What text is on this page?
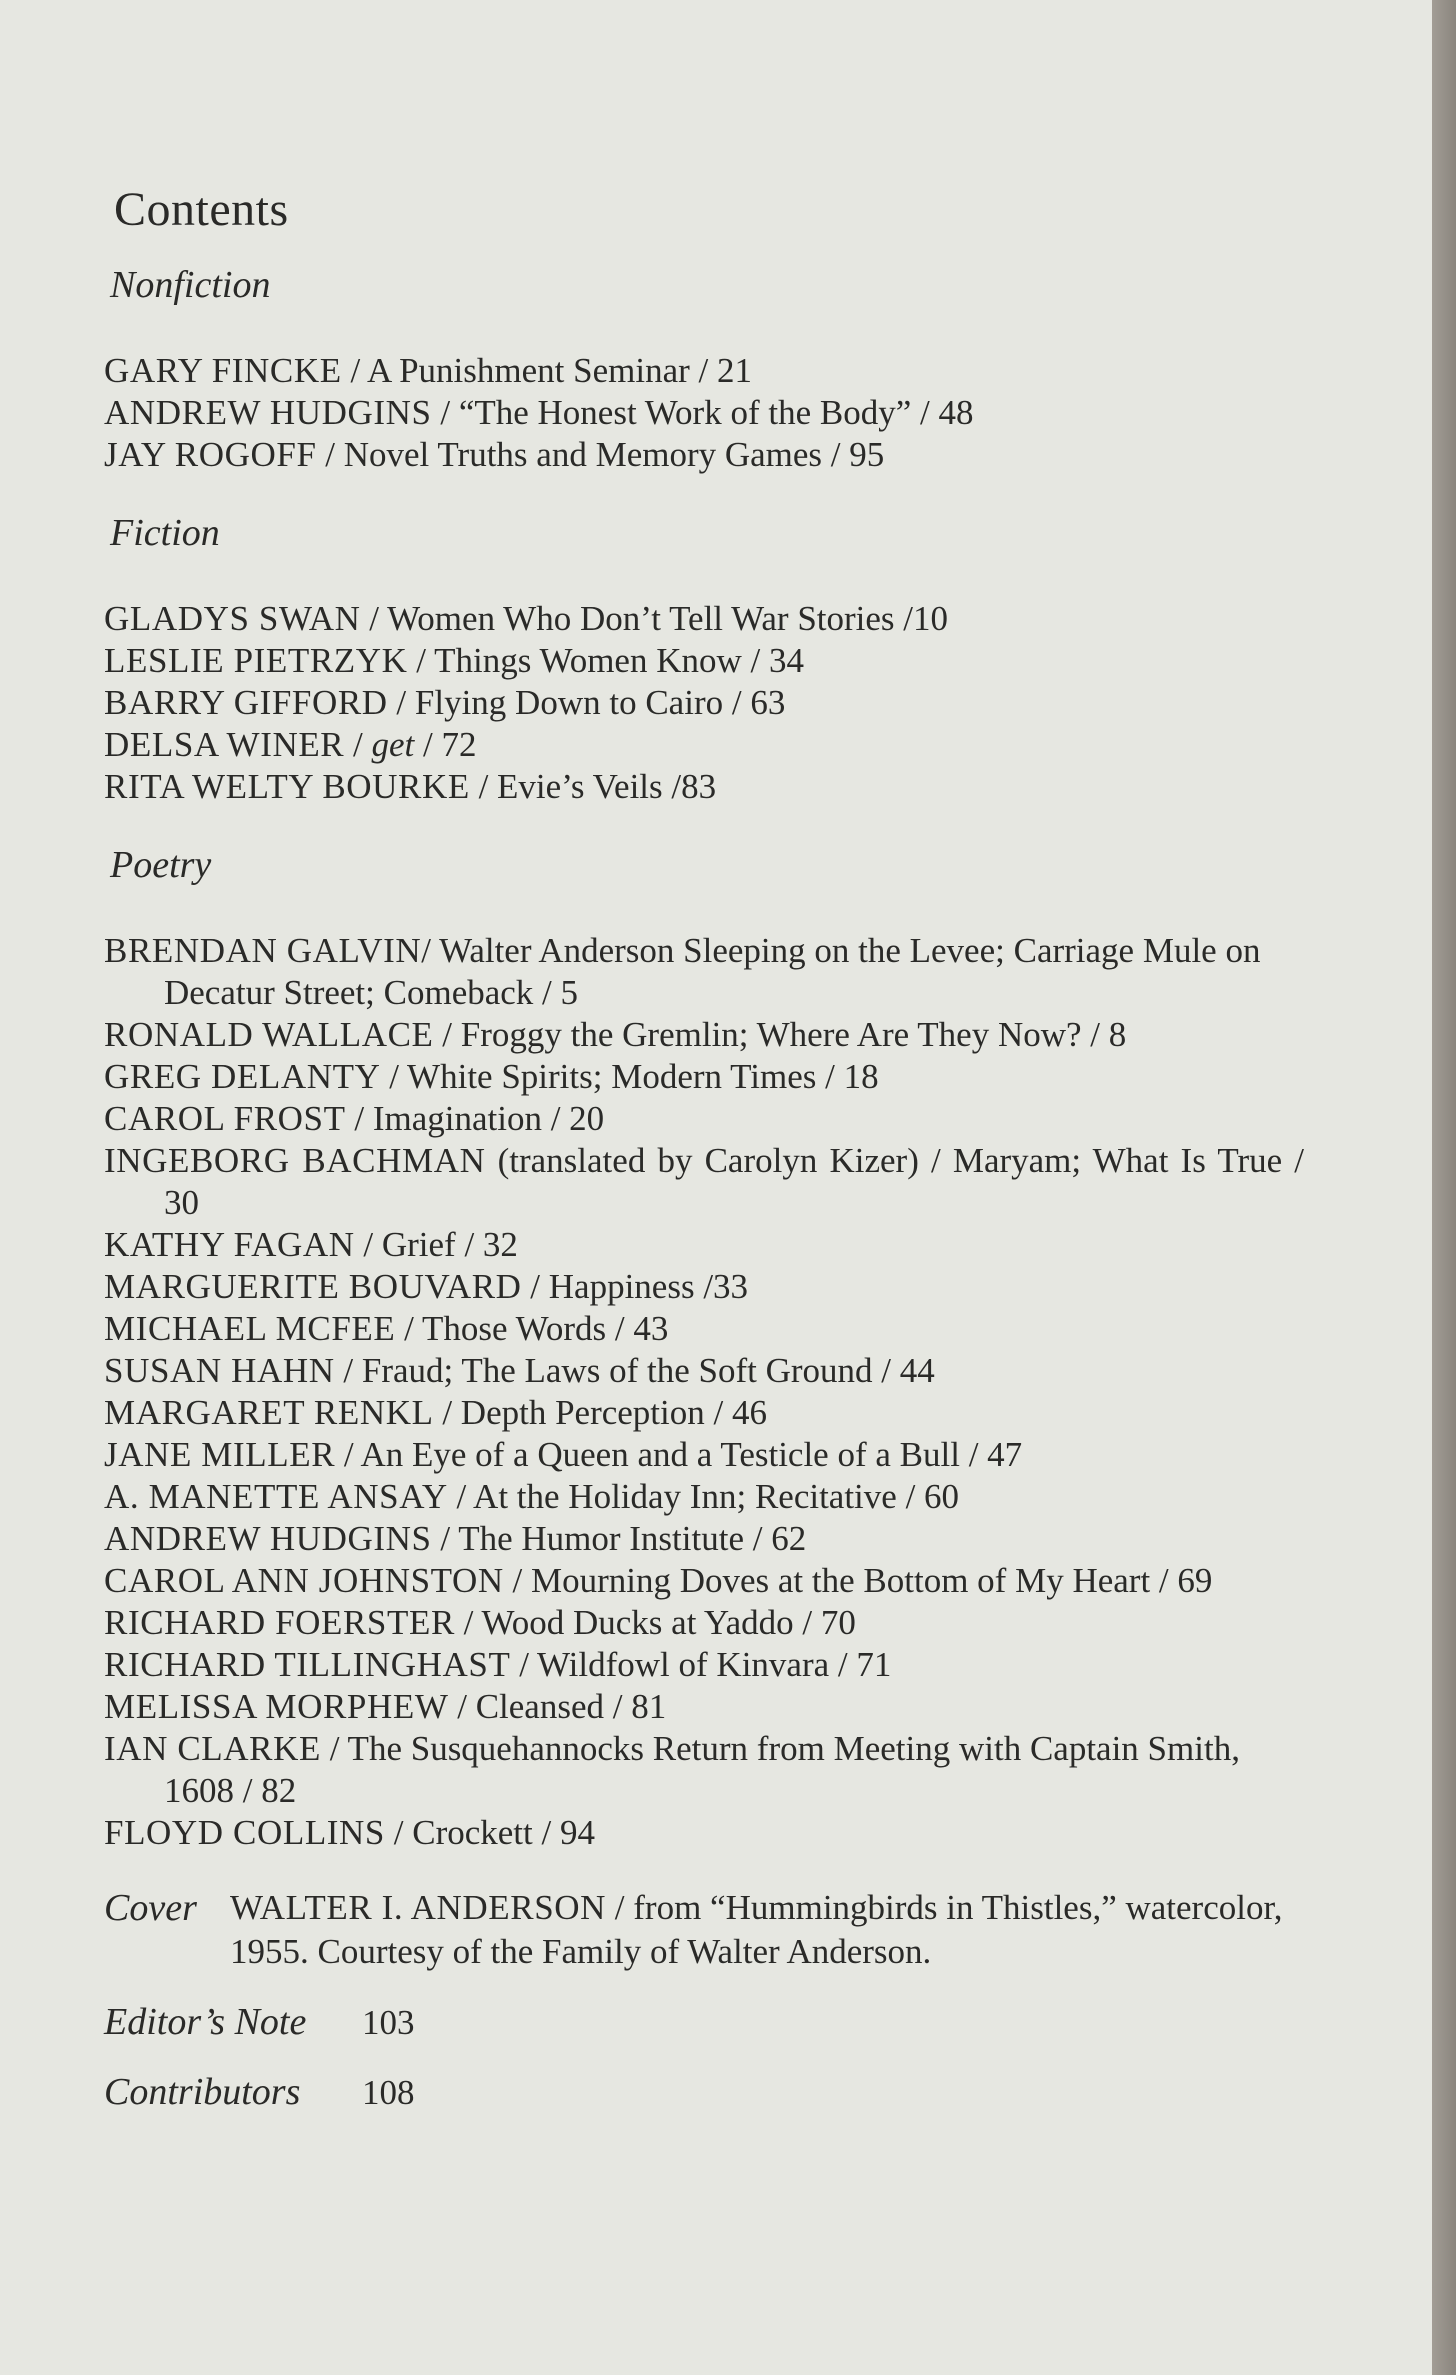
Contents
Nonfiction

GARY FINCKE / A Punishment Seminar / 21

ANDREW HUDGINS / “The Honest Work of the Body” / 48

JAY ROGOFF / Novel Truths and Memory Games / 95

Fiction

GLADYS SWAN / Women Who Don’t Tell War Stories /10

LESLIE PIETRZYK / Things Women Know / 34

BARRY GIFFORD / Flying Down to Cairo / 63

DELSA WINER / get / 72

RITA WELTY BOURKE / Evie’s Veils /83

Poetry

BRENDAN GALVIN/ Walter Anderson Sleeping on the Levee; Carriage Mule on Decatur Street; Comeback / 5

RONALD WALLACE / Froggy the Gremlin; Where Are They Now? / 8

GREG DELANTY / White Spirits; Modern Times / 18

CAROL FROST / Imagination / 20

INGEBORG BACHMAN (translated by Carolyn Kizer) / Maryam; What Is True / 30

KATHY FAGAN / Grief / 32

MARGUERITE BOUVARD / Happiness /33

MICHAEL MCFEE / Those Words / 43

SUSAN HAHN / Fraud; The Laws of the Soft Ground / 44

MARGARET RENKL / Depth Perception / 46

JANE MILLER / An Eye of a Queen and a Testicle of a Bull / 47

A. MANETTE ANSAY / At the Holiday Inn; Recitative / 60

ANDREW HUDGINS / The Humor Institute / 62

CAROL ANN JOHNSTON / Mourning Doves at the Bottom of My Heart / 69

RICHARD FOERSTER / Wood Ducks at Yaddo / 70

RICHARD TILLINGHAST / Wildfowl of Kinvara / 71

MELISSA MORPHEW / Cleansed / 81

IAN CLARKE / The Susquehannocks Return from Meeting with Captain Smith, 1608 / 82

FLOYD COLLINS / Crockett / 94

Cover WALTER I. ANDERSON / from “Hummingbirds in Thistles,” watercolor, 1955. Courtesy of the Family of Walter Anderson.
Editor’s Note	103
Contributors	108
